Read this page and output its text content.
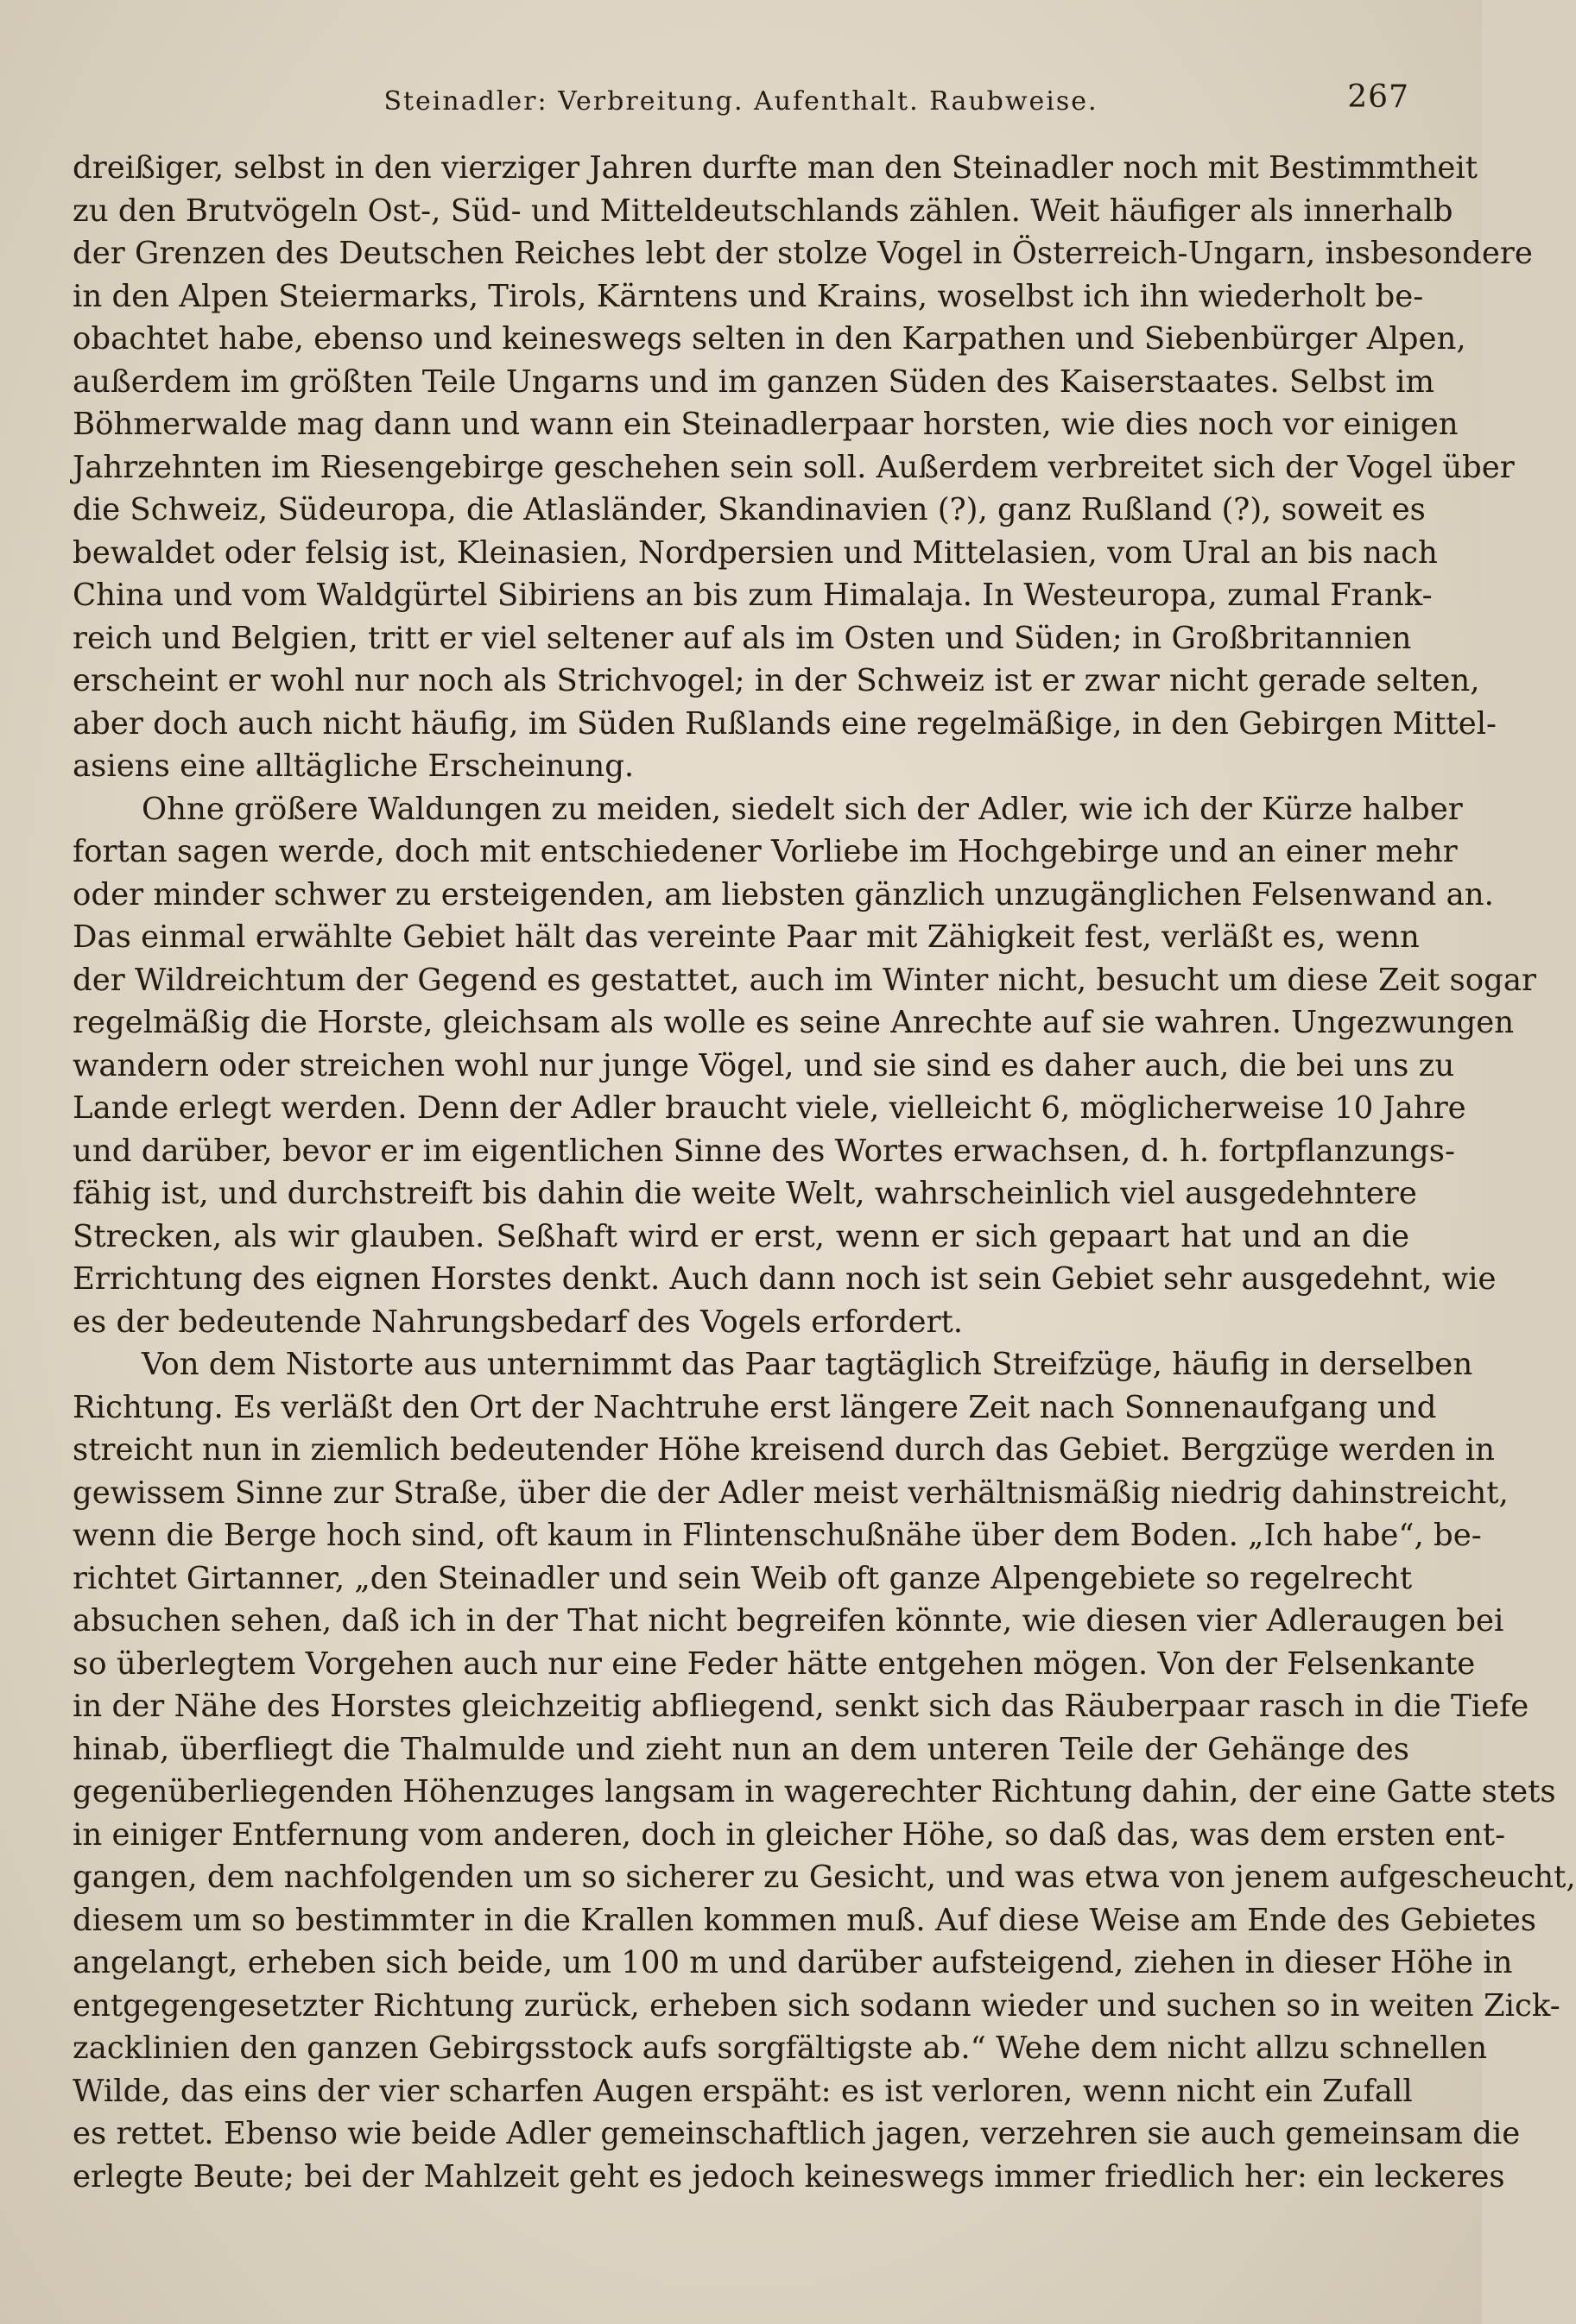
Steinadler: Verbreitung. Aufenthalt. Raubweise.	267
dreißiger, selbst in den vierziger Jahren durfte man den Steinadler noch mit Bestimmtheit
zu den Brutvögeln Ost-, Süd- und Mitteldeutschlands zählen. Weit häufiger als innerhalb
der Grenzen des Deutschen Reiches lebt der stolze Vogel in Österreich-Ungarn, insbesondere
in den Alpen Steiermarks, Tirols, Kärntens und Krains, woselbst ich ihn wiederholt be-
obachtet habe, ebenso und keineswegs selten in den Karpathen und Siebenbürger Alpen,
außerdem im größten Teile Ungarns und im ganzen Süden des Kaiserstaates. Selbst im
Böhmerwalde mag dann und wann ein Steinadlerpaar horsten, wie dies noch vor einigen
Jahrzehnten im Riesengebirge geschehen sein soll. Außerdem verbreitet sich der Vogel über
die Schweiz, Südeuropa, die Atlasländer, Skandinavien (?), ganz Rußland (?), soweit es
bewaldet oder felsig ist, Kleinasien, Nordpersien und Mittelasien, vom Ural an bis nach
China und vom Waldgürtel Sibiriens an bis zum Himalaja. In Westeuropa, zumal Frank-
reich und Belgien, tritt er viel seltener auf als im Osten und Süden; in Großbritannien
erscheint er wohl nur noch als Strichvogel; in der Schweiz ist er zwar nicht gerade selten,
aber doch auch nicht häufig, im Süden Rußlands eine regelmäßige, in den Gebirgen Mittel-
asiens eine alltägliche Erscheinung.
Ohne größere Waldungen zu meiden, siedelt sich der Adler, wie ich der Kürze halber
fortan sagen werde, doch mit entschiedener Vorliebe im Hochgebirge und an einer mehr
oder minder schwer zu ersteigenden, am liebsten gänzlich unzugänglichen Felsenwand an.
Das einmal erwählte Gebiet hält das vereinte Paar mit Zähigkeit fest, verläßt es, wenn
der Wildreichtum der Gegend es gestattet, auch im Winter nicht, besucht um diese Zeit sogar
regelmäßig die Horste, gleichsam als wolle es seine Anrechte auf sie wahren. Ungezwungen
wandern oder streichen wohl nur junge Vögel, und sie sind es daher auch, die bei uns zu
Lande erlegt werden. Denn der Adler braucht viele, vielleicht 6, möglicherweise 10 Jahre
und darüber, bevor er im eigentlichen Sinne des Wortes erwachsen, d. h. fortpflanzungs-
fähig ist, und durchstreift bis dahin die weite Welt, wahrscheinlich viel ausgedehntere
Strecken, als wir glauben. Seßhaft wird er erst, wenn er sich gepaart hat und an die
Errichtung des eignen Horstes denkt. Auch dann noch ist sein Gebiet sehr ausgedehnt, wie
es der bedeutende Nahrungsbedarf des Vogels erfordert.
Von dem Nistorte aus unternimmt das Paar tagtäglich Streifzüge, häufig in derselben
Richtung. Es verläßt den Ort der Nachtruhe erst längere Zeit nach Sonnenaufgang und
streicht nun in ziemlich bedeutender Höhe kreisend durch das Gebiet. Bergzüge werden in
gewissem Sinne zur Straße, über die der Adler meist verhältnismäßig niedrig dahinstreicht,
wenn die Berge hoch sind, oft kaum in Flintenschußnähe über dem Boden. „Ich habe“, be-
richtet Girtanner, „den Steinadler und sein Weib oft ganze Alpengebiete so regelrecht
absuchen sehen, daß ich in der That nicht begreifen könnte, wie diesen vier Adleraugen bei
so überlegtem Vorgehen auch nur eine Feder hätte entgehen mögen. Von der Felsenkante
in der Nähe des Horstes gleichzeitig abfliegend, senkt sich das Räuberpaar rasch in die Tiefe
hinab, überfliegt die Thalmulde und zieht nun an dem unteren Teile der Gehänge des
gegenüberliegenden Höhenzuges langsam in wagerechter Richtung dahin, der eine Gatte stets
in einiger Entfernung vom anderen, doch in gleicher Höhe, so daß das, was dem ersten ent-
gangen, dem nachfolgenden um so sicherer zu Gesicht, und was etwa von jenem aufgescheucht,
diesem um so bestimmter in die Krallen kommen muß. Auf diese Weise am Ende des Gebietes
angelangt, erheben sich beide, um 100 m und darüber aufsteigend, ziehen in dieser Höhe in
entgegengesetzter Richtung zurück, erheben sich sodann wieder und suchen so in weiten Zick-
zacklinien den ganzen Gebirgsstock aufs sorgfältigste ab.“ Wehe dem nicht allzu schnellen
Wilde, das eins der vier scharfen Augen erspäht: es ist verloren, wenn nicht ein Zufall
es rettet. Ebenso wie beide Adler gemeinschaftlich jagen, verzehren sie auch gemeinsam die
erlegte Beute; bei der Mahlzeit geht es jedoch keineswegs immer friedlich her: ein leckeres
